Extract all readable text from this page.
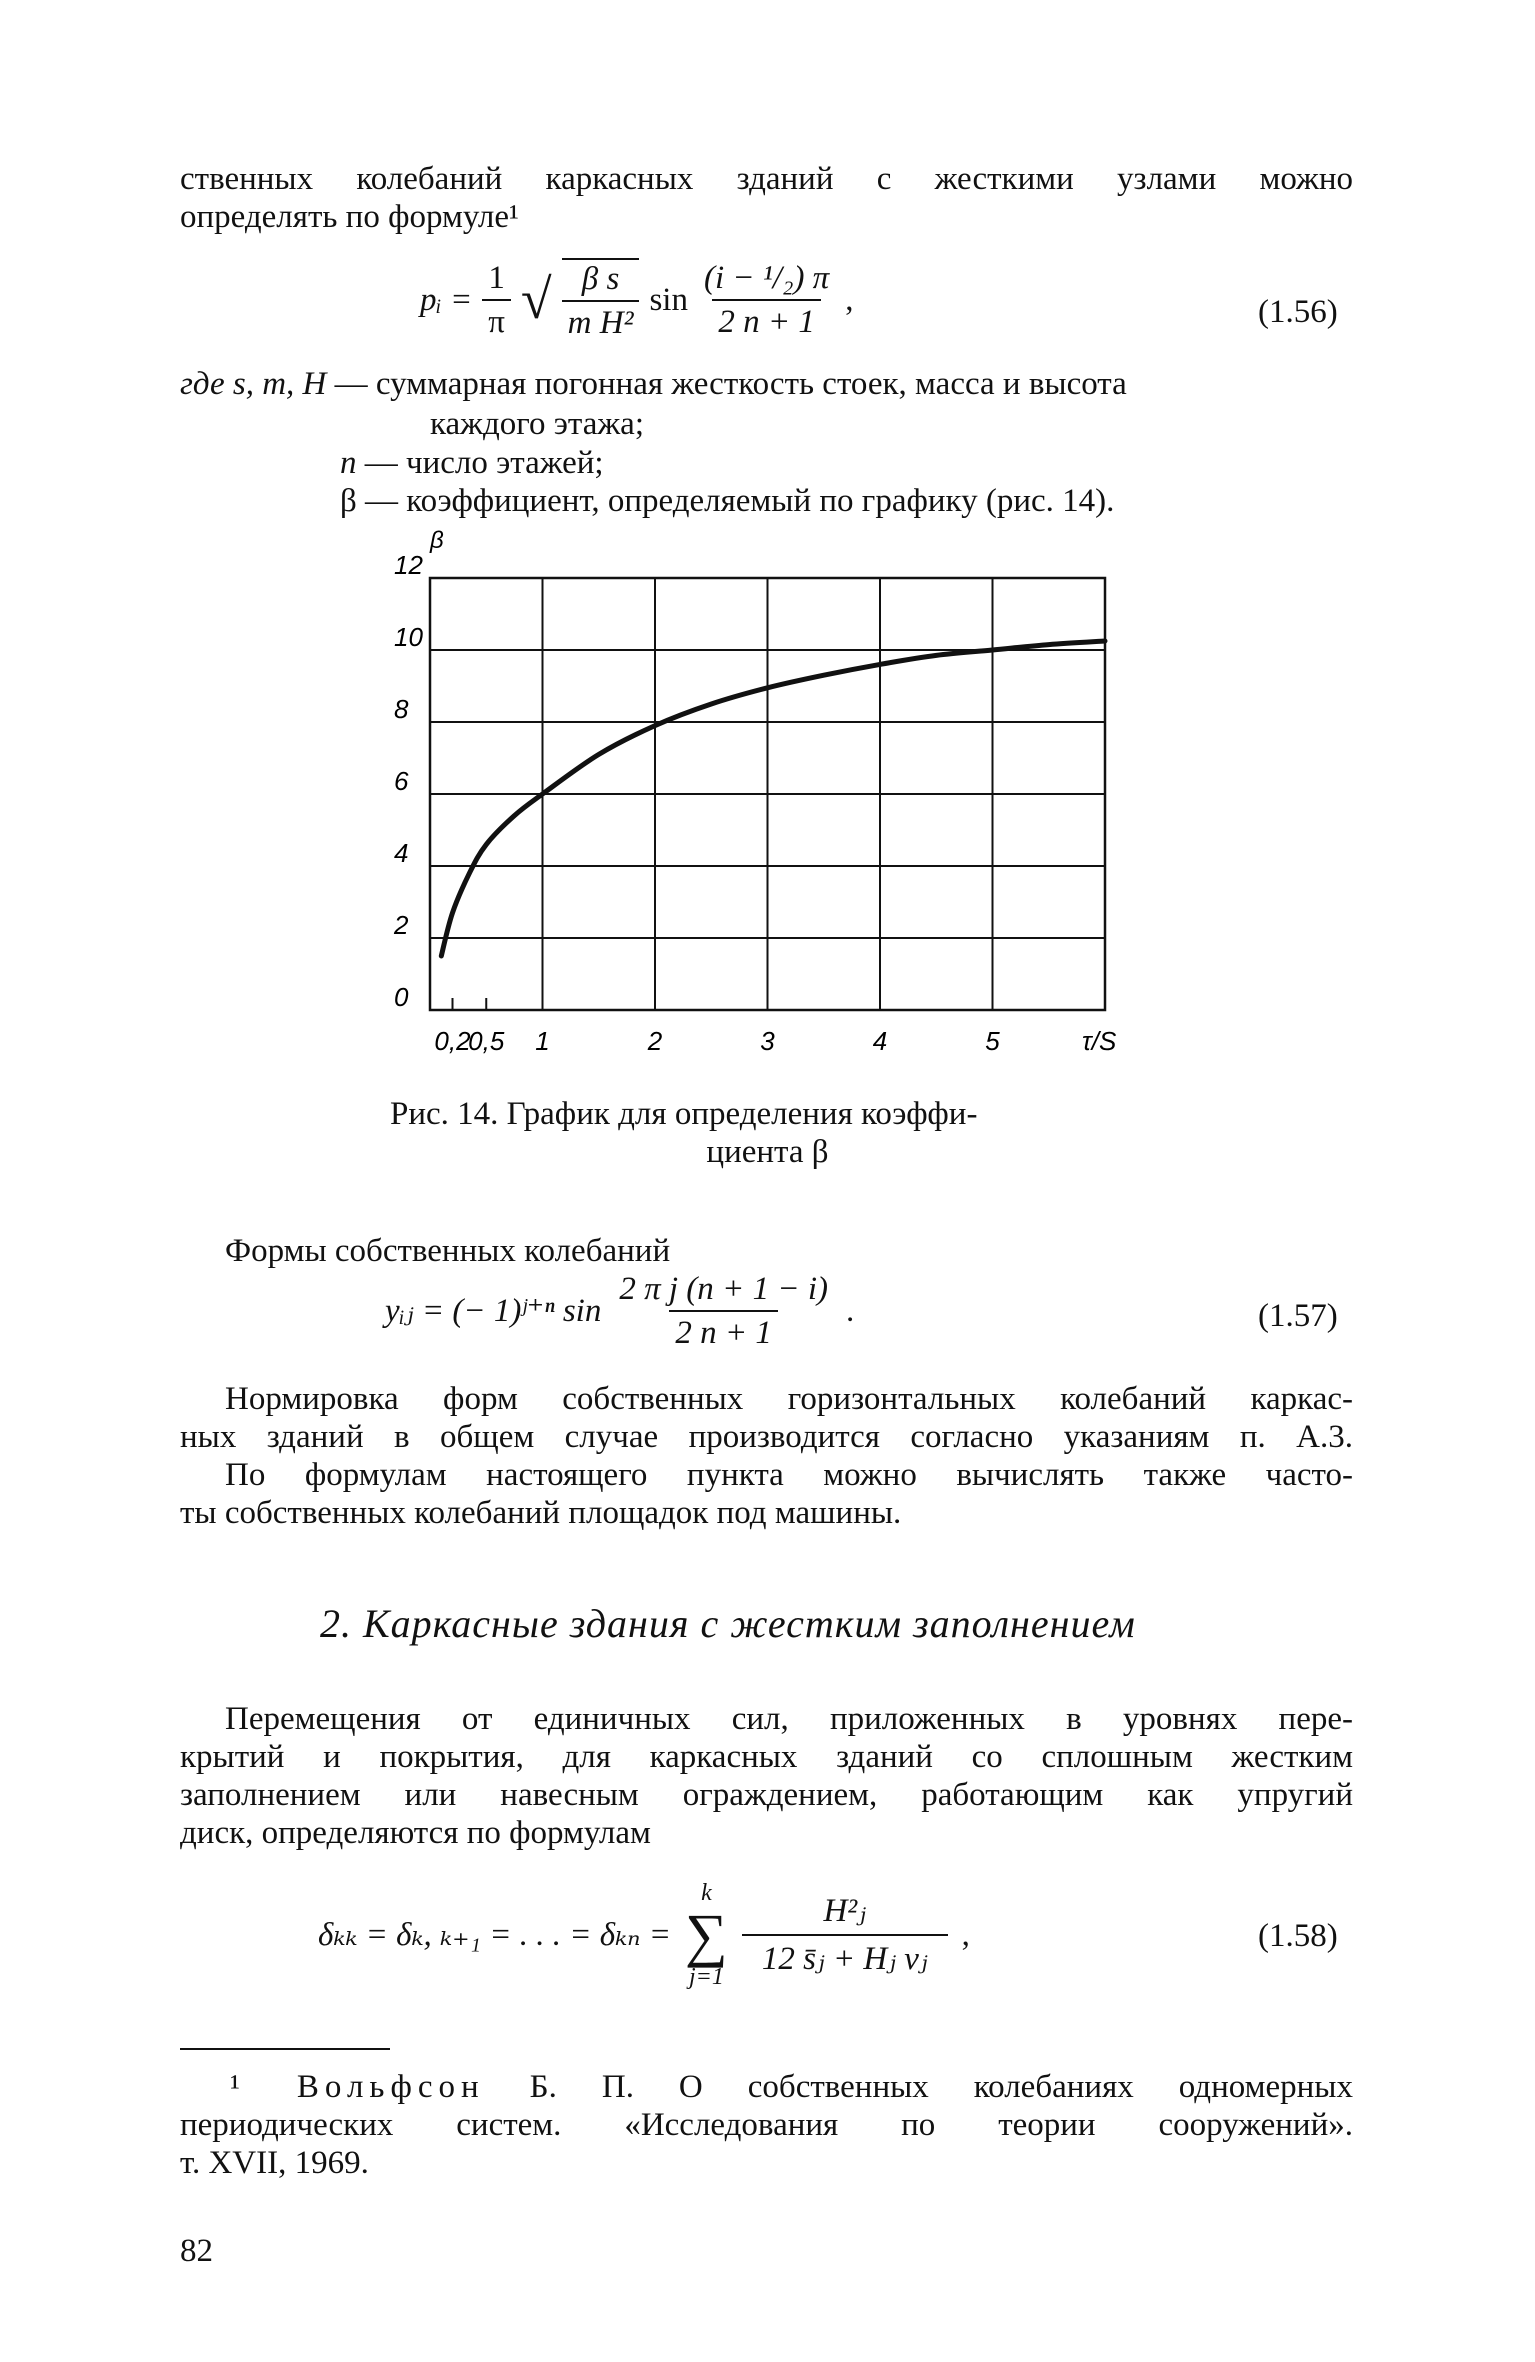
ственных колебаний каркасных зданий с жесткими узлами можно
определять по формуле¹
pᵢ = $\frac{1}{\pi}$ √ $\frac{\text{β s}}{\text{m H²}}$ $\sin \frac{\text{(i − ¹/₂) π}}{2 n + 1}$ ,	(1.56)
где s, m, H — суммарная погонная жесткость стоек, масса и высота
каждого этажа;
n — число этажей;
β — коэффициент, определяемый по графику (рис. 14).
0
2
4
6
8
10
12
0,2
0,5 1	2	3	4	5
β
τ/S
Рис. 14. График для определения коэффи-
циента β
Формы собственных колебаний
yᵢⱼ = (− 1)ʲ⁺ⁿ $\sin \frac{\text{2 π j (n + 1 − i)}}{2 n + 1}$ .	(1.57)
Нормировка форм собственных горизонтальных колебаний каркас-
ных зданий в общем случае производится согласно указаниям п. А.3.
По формулам настоящего пункта можно вычислять также часто-
ты собственных колебаний площадок под машины.
2. Каркасные здания с жестким заполнением
Перемещения от единичных сил, приложенных в уровнях пере-
крытий и покрытия, для каркасных зданий со сплошным жестким
заполнением или навесным ограждением, работающим как упругий
диск, определяются по формулам
δₖₖ = δₖ, ₖ₊₁ = . . . = δₖₙ =
k
∑
$j=1 \frac{\text{H²ⱼ}}{\text{12 s̄ⱼ + Hⱼ vⱼ}}$ ,	(1.58)
¹ Вольфсон Б. П. О собственных колебаниях одномерных
периодических систем. «Исследования по теории сооружений».
т. XVII, 1969.
82
